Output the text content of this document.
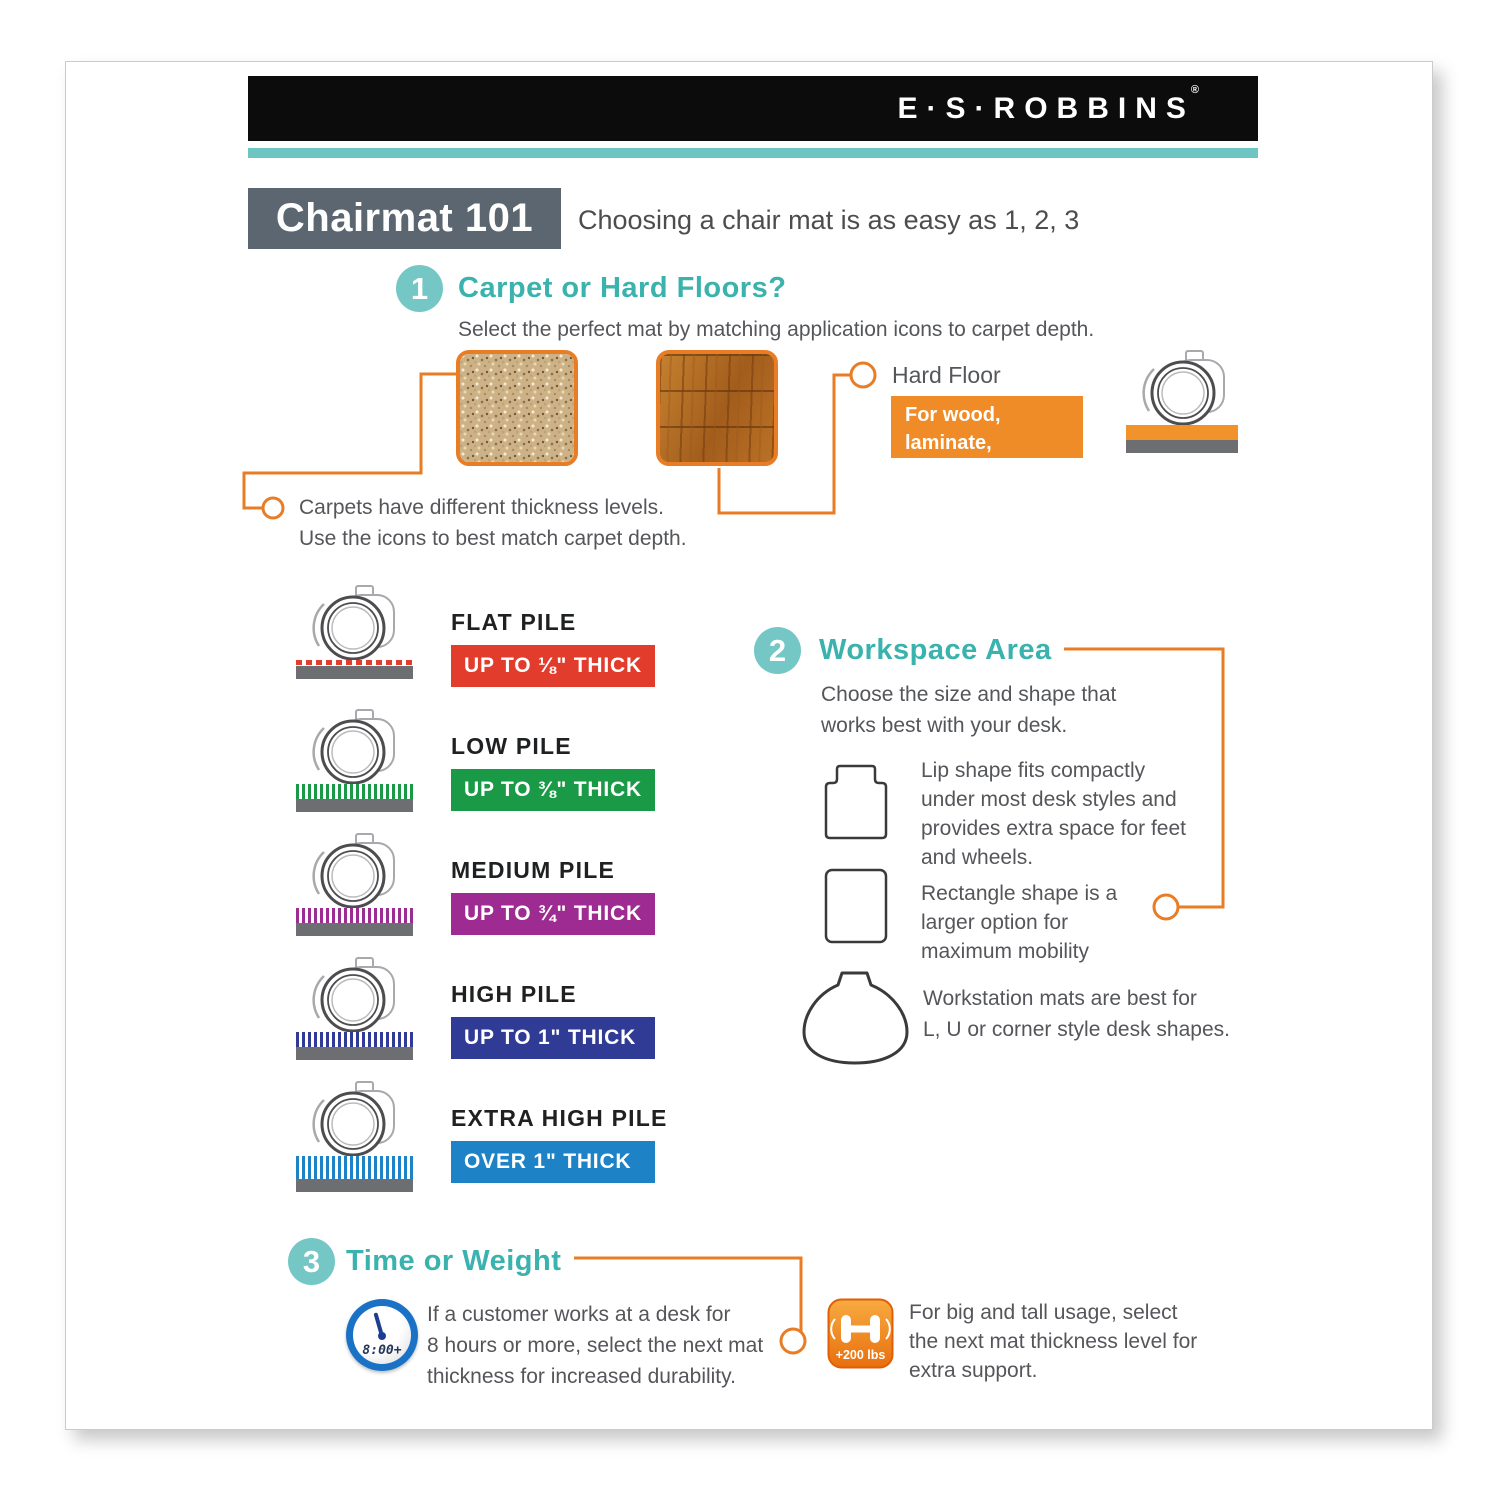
E·S·ROBBINS®
Chairmat 101 Choosing a chair mat is as easy as 1, 2, 3
1	Carpet or Hard Floors?
Select the perfect mat by matching application icons to carpet depth.
Hard Floor
For wood, laminate,
tile and more.
Carpets have different thickness levels.
Use the icons to best match carpet depth.
FLAT PILE
UP TO ⅛" THICK
LOW PILE
UP TO ⅜" THICK
MEDIUM PILE
UP TO ¾" THICK
HIGH PILE
UP TO 1" THICK
EXTRA HIGH PILE
OVER 1" THICK
2	Workspace Area
Choose the size and shape that
works best with your desk.
Lip shape fits compactly
under most desk styles and
provides extra space for feet
and wheels.
Rectangle shape is a
larger option for
maximum mobility
Workstation mats are best for
L, U or corner style desk shapes.
3 Time or Weight
8:00+
If a customer works at a desk for
8 hours or more, select the next mat
thickness for increased durability.
+200 lbs
For big and tall usage, select
the next mat thickness level for
extra support.
